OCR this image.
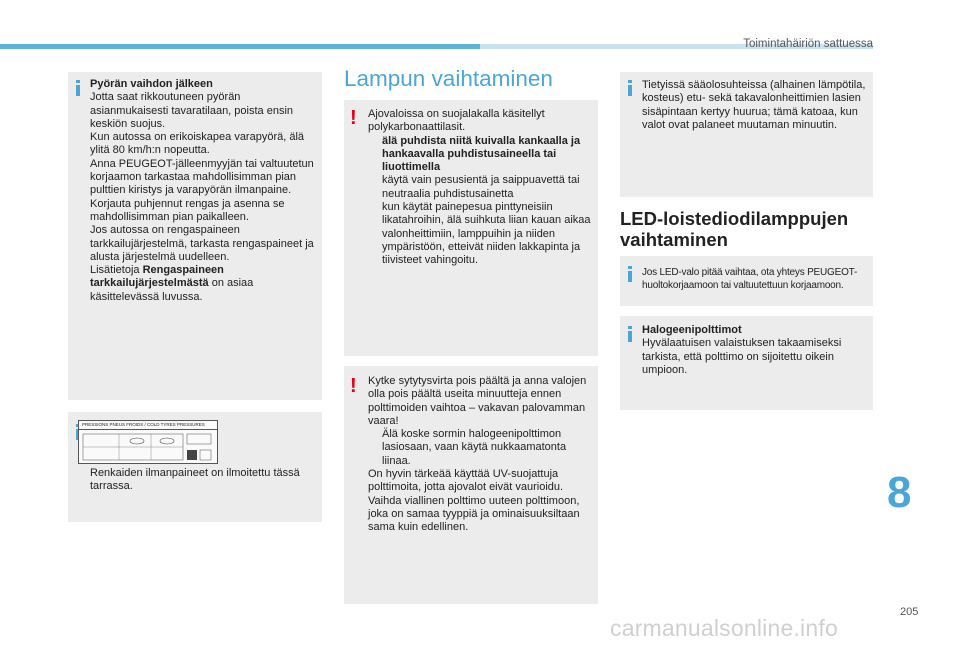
Toimintahäiriön sattuessa
Pyörän vaihdon jälkeen
Jotta saat rikkoutuneen pyörän asianmukaisesti tavaratilaan, poista ensin keskiön suojus.
Kun autossa on erikoiskapea varapyörä, älä ylitä 80 km/h:n nopeutta.
Anna PEUGEOT-jälleenmyyjän tai valtuutetun korjaamon tarkastaa mahdollisimman pian pulttien kiristys ja varapyörän ilmanpaine.
Korjauta puhjennut rengas ja asenna se mahdollisimman pian paikalleen.
Jos autossa on rengaspaineen tarkkailujärjestelmä, tarkasta rengaspaineet ja alusta järjestelmä uudelleen.
Lisätietoja Rengaspaineen tarkkailujärjestelmästä on asiaa käsittelevässä luvussa.
PRESSIONS PNEUS FROIDS / COLD TYRES PRESSURES
Renkaiden ilmanpaineet on ilmoitettu tässä tarrassa.
Lampun vaihtaminen
! Ajovaloissa on suojalakalla käsitellyt polykarbonaattilasit.
älä puhdista niitä kuivalla kankaalla ja hankaavalla puhdistusaineella tai liuottimella
käytä vain pesusientä ja saippuavettä tai neutraalia puhdistusainetta
kun käytät painepesua pinttyneisiin likatahroihin, älä suihkuta liian kauan aikaa valonheittimiin, lamppuihin ja niiden ympäristöön, etteivät niiden lakkapinta ja tiivisteet vahingoitu.
! Kytke sytytysvirta pois päältä ja anna valojen olla pois päältä useita minuutteja ennen polttimoiden vaihtoa – vakavan palovamman vaara!
Älä koske sormin halogeenipolttimon lasiosaan, vaan käytä nukkaamatonta liinaa.
On hyvin tärkeää käyttää UV-suojattuja polttimoita, jotta ajovalot eivät vaurioidu.
Vaihda viallinen polttimo uuteen polttimoon, joka on samaa tyyppiä ja ominaisuuksiltaan sama kuin edellinen.
Tietyissä sääolosuhteissa (alhainen lämpötila, kosteus) etu- sekä takavalonheittimien lasien sisäpintaan kertyy huurua; tämä katoaa, kun valot ovat palaneet muutaman minuutin.
LED-loistediodilamppujen vaihtaminen
Jos LED-valo pitää vaihtaa, ota yhteys PEUGEOT-huoltokorjaamoon tai valtuutettuun korjaamoon.
Halogeenipolttimot
Hyvälaatuisen valaistuksen takaamiseksi tarkista, että polttimo on sijoitettu oikein umpioon.
8
205
carmanualsonline.info
